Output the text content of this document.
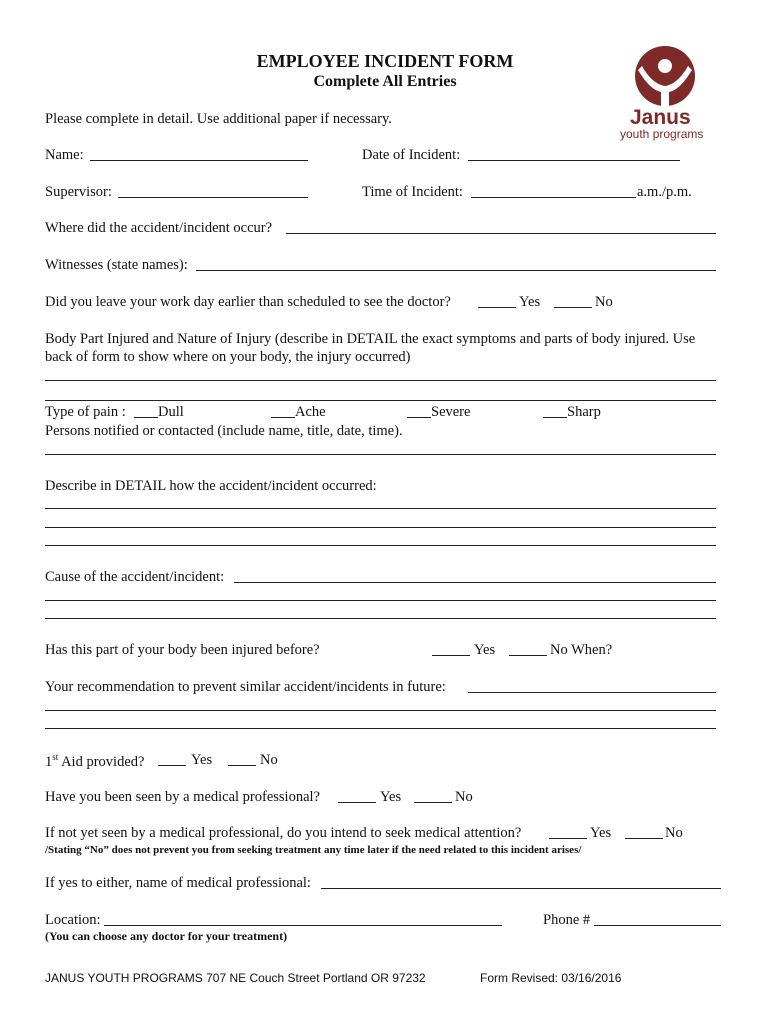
EMPLOYEE INCIDENT FORM
Complete All Entries
Janus
youth programs
Please complete in detail. Use additional paper if necessary.
Name:	Date of Incident:
Supervisor:	Time of Incident:	a.m./p.m.
Where did the accident/incident occur?
Witnesses (state names):
Did you leave your work day earlier than scheduled to see the doctor?	Yes	No
Body Part Injured and Nature of Injury (describe in DETAIL the exact symptoms and parts of body injured. Use
back of form to show where on your body, the injury occurred)
Type of pain : Dull	Ache	Severe	Sharp
Persons notified or contacted (include name, title, date, time).
Describe in DETAIL how the accident/incident occurred:
Cause of the accident/incident:
Has this part of your body been injured before?	Yes	No When?
Your recommendation to prevent similar accident/incidents in future:
1st Aid provided?	Yes	No
Have you been seen by a medical professional?	Yes	No
If not yet seen by a medical professional, do you intend to seek medical attention?	Yes	No
/Stating “No” does not prevent you from seeking treatment any time later if the need related to this incident arises/
If yes to either, name of medical professional:
Location:	Phone #
(You can choose any doctor for your treatment)
JANUS YOUTH PROGRAMS 707 NE Couch Street Portland OR 97232	Form Revised: 03/16/2016
